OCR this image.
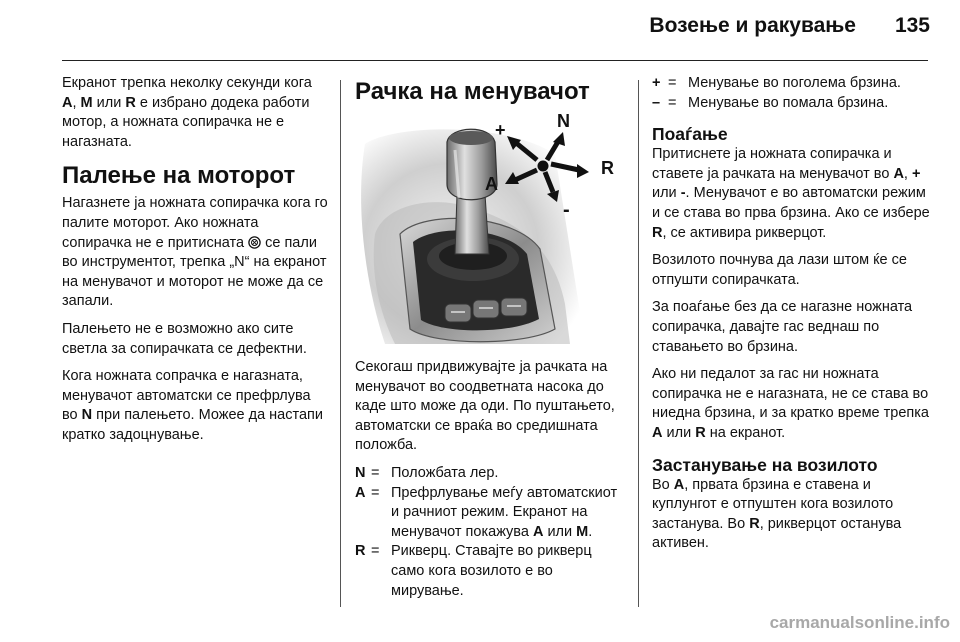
Возење и ракување	135

Екранот трепка неколку секунди кога A, M или R е избрано додека работи мотор, а ножната сопирачка не е нагазната.

Палење на моторот

Нагазнете ја ножната сопирачка кога го палите моторот. Ако ножната сопирачка не е притисната  се пали во инструментот, трепка „N“ на екранот на менувачот и моторот не може да се запали.

Палењето не е возможно ако сите светла за сопирачката се дефектни.

Кога ножната сопрачка е нагазната, менувачот автоматски се префрлува во N при палењето. Можее да настапи кратко задоцнување.

Рачка на менувачот
+	N
R
A
-

Секогаш придвижувајте ја рачката на менувачот во соодветната насока до каде што може да оди. По пуштањето, автоматски се враќа во средишната положба.

N = Положбата лер.
A = Префрлување меѓу автоматскиот и рачниот режим. Екранот на менувачот покажува A или M.
R = Рикверц. Ставајте во рикверц само кога возилото е во мирување.
+ = Менување во поголема брзина.
– = Менување во помала брзина.
Поаѓање

Притиснете ја ножната сопирачка и ставете ја рачката на менувачот во A, + или -. Менувачот е во автоматски режим и се става во прва брзина. Ако се избере R, се активира рикверцот.

Возилото почнува да лази штом ќе се отпушти сопирачката.

За поаѓање без да се нагазне ножната сопирачка, давајте гас веднаш по ставањето во брзина.

Ако ни педалот за гас ни ножната сопирачка не е нагазната, не се става во ниедна брзина, и за кратко време трепка A или R на екранот.

Застанување на возилото

Во A, првата брзина е ставена и куплунгот е отпуштен кога возилото застанува. Во R, рикверцот останува активен.

carmanualsonline.info
